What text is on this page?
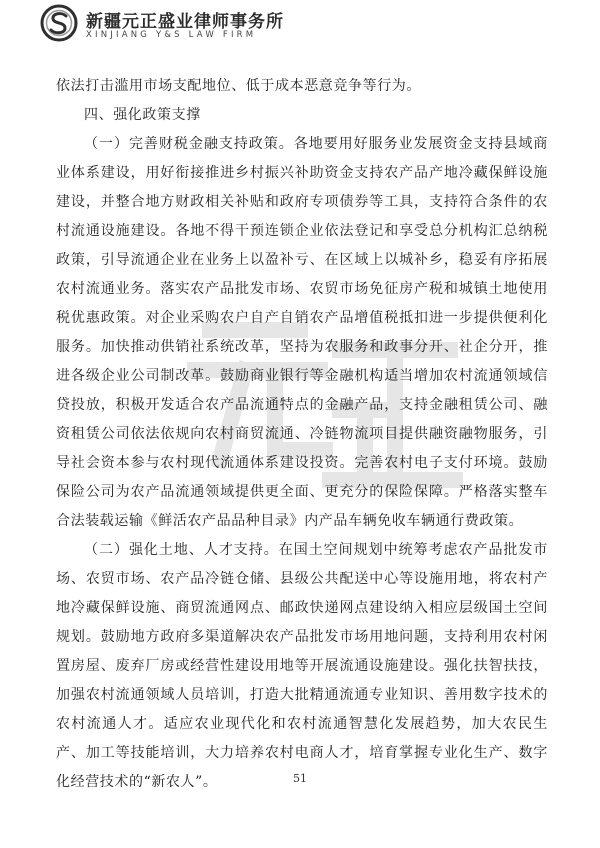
新疆元正盛业律师事务所
XINJIANG Y&S LAW FIRM

依法打击滥用市场支配地位、低于成本恶意竞争等行为。

四、强化政策支撑

（一）完善财税金融支持政策。各地要用好服务业发展资金支持县域商业体系建设，用好衔接推进乡村振兴补助资金支持农产品产地冷藏保鲜设施建设，并整合地方财政相关补贴和政府专项债券等工具，支持符合条件的农村流通设施建设。各地不得干预连锁企业依法登记和享受总分机构汇总纳税政策，引导流通企业在业务上以盈补亏、在区域上以城补乡，稳妥有序拓展农村流通业务。落实农产品批发市场、农贸市场免征房产税和城镇土地使用税优惠政策。对企业采购农户自产自销农产品增值税抵扣进一步提供便利化服务。加快推动供销社系统改革，坚持为农服务和政事分开、社企分开，推进各级企业公司制改革。鼓励商业银行等金融机构适当增加农村流通领域信贷投放，积极开发适合农产品流通特点的金融产品，支持金融租赁公司、融资租赁公司依法依规向农村商贸流通、冷链物流项目提供融资融物服务，引导社会资本参与农村现代流通体系建设投资。完善农村电子支付环境。鼓励保险公司为农产品流通领域提供更全面、更充分的保险保障。严格落实整车合法装载运输《鲜活农产品品种目录》内产品车辆免收车辆通行费政策。

（二）强化土地、人才支持。在国土空间规划中统筹考虑农产品批发市场、农贸市场、农产品冷链仓储、县级公共配送中心等设施用地，将农村产地冷藏保鲜设施、商贸流通网点、邮政快递网点建设纳入相应层级国土空间规划。鼓励地方政府多渠道解决农产品批发市场用地问题，支持利用农村闲置房屋、废弃厂房或经营性建设用地等开展流通设施建设。强化扶智扶技，加强农村流通领域人员培训，打造大批精通流通专业知识、善用数字技术的农村流通人才。适应农业现代化和农村流通智慧化发展趋势，加大农民生产、加工等技能培训，大力培养农村电商人才，培育掌握专业化生产、数字化经营技术的“新农人”。	51
